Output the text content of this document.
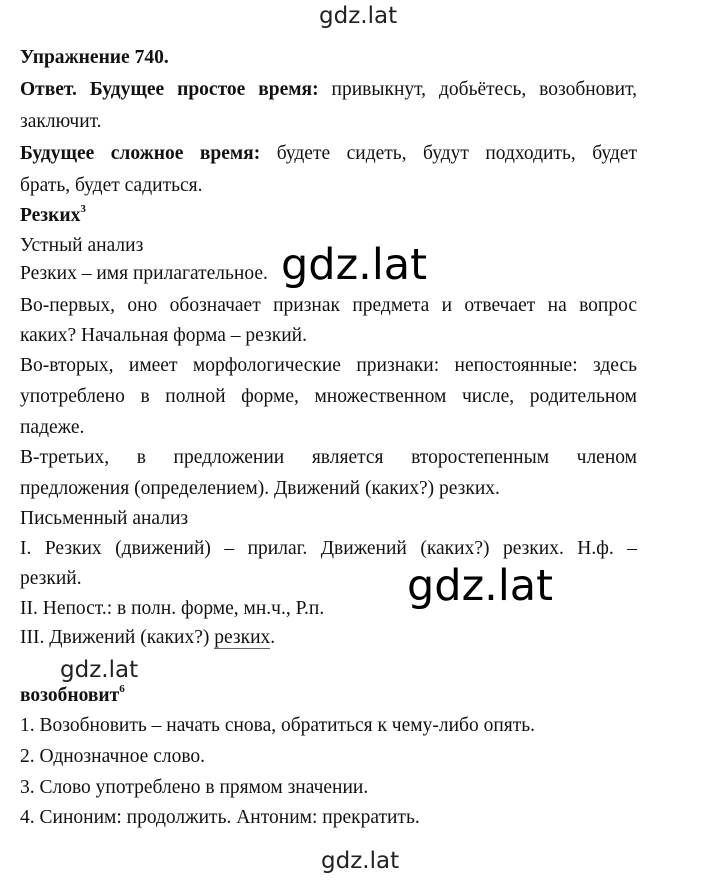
gdz.lat
Упражнение 740.
Ответ. Будущее простое время: привыкнут, добьётесь, возобновит,
заключит.
Будущее сложное время: будете сидеть, будут подходить, будет
брать, будет садиться.
Резких$^3$
Устный анализ
Резких – имя прилагательное. gdz.lat
Во-первых, оно обозначает признак предмета и отвечает на вопрос
каких? Начальная форма – резкий.
Во-вторых, имеет морфологические признаки: непостоянные: здесь
употреблено в полной форме, множественном числе, родительном
падеже.
В-третьих, в предложении является второстепенным членом
предложения (определением). Движений (каких?) резких.
Письменный анализ
I. Резких (движений) – прилаг. Движений (каких?) резких. Н.ф. –
резкий.	gdz.lat
II. Непост.: в полн. форме, мн.ч., Р.п.
III. Движений (каких?) резких.
gdz.lat
возобновит$^6$
1. Возобновить – начать снова, обратиться к чему-либо опять.
2. Однозначное слово.
3. Слово употреблено в прямом значении.
4. Синоним: продолжить. Антоним: прекратить.
gdz.lat
